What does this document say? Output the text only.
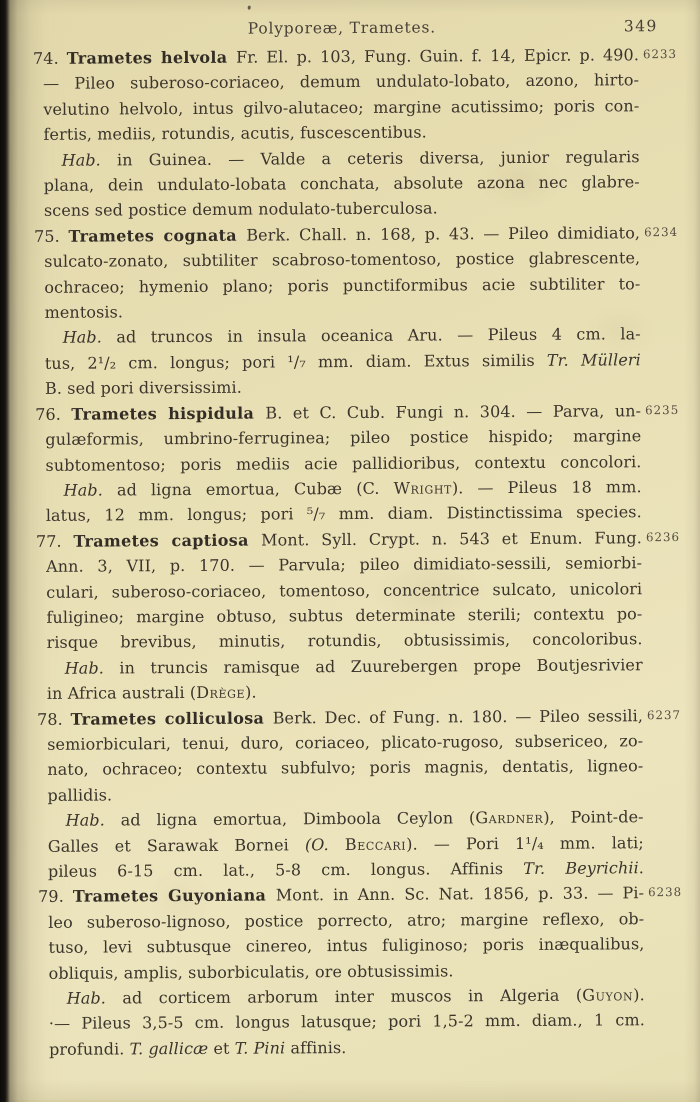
Polyporeæ, Trametes.	349
74. Trametes helvola Fr. El. p. 103, Fung. Guin. f. 14, Epicr. p. 490.
— Pileo suberoso-coriaceo, demum undulato-lobato, azono, hirto-
velutino helvolo, intus gilvo-alutaceo; margine acutissimo; poris con-
fertis, mediis, rotundis, acutis, fuscescentibus.
Hab. in Guinea. — Valde a ceteris diversa, junior regularis
plana, dein undulato-lobata conchata, absolute azona nec glabre-
scens sed postice demum nodulato-tuberculosa.
6233
75. Trametes cognata Berk. Chall. n. 168, p. 43. — Pileo dimidiato,
sulcato-zonato, subtiliter scabroso-tomentoso, postice glabrescente,
ochraceo; hymenio plano; poris punctiformibus acie subtiliter to-
mentosis.
Hab. ad truncos in insula oceanica Aru. — Pileus 4 cm. la-
tus, 2¹/₂ cm. longus; pori ¹/₇ mm. diam. Extus similis Tr. Mülleri
B. sed pori diversissimi.
6234
76. Trametes hispidula B. et C. Cub. Fungi n. 304. — Parva, un-
gulæformis, umbrino-ferruginea; pileo postice hispido; margine
subtomentoso; poris mediis acie pallidioribus, contextu concolori.
Hab. ad ligna emortua, Cubæ (C. Wright). — Pileus 18 mm.
latus, 12 mm. longus; pori ⁵/₇ mm. diam. Distinctissima species.
6235
77. Trametes captiosa Mont. Syll. Crypt. n. 543 et Enum. Fung.
Ann. 3, VII, p. 170. — Parvula; pileo dimidiato-sessili, semiorbi-
culari, suberoso-coriaceo, tomentoso, concentrice sulcato, unicolori
fuligineo; margine obtuso, subtus determinate sterili; contextu po-
risque brevibus, minutis, rotundis, obtusissimis, concoloribus.
Hab. in truncis ramisque ad Zuurebergen prope Boutjesrivier
in Africa australi (Drège).
6236
78. Trametes colliculosa Berk. Dec. of Fung. n. 180. — Pileo sessili,
semiorbiculari, tenui, duro, coriaceo, plicato-rugoso, subsericeo, zo-
nato, ochraceo; contextu subfulvo; poris magnis, dentatis, ligneo-
pallidis.
Hab. ad ligna emortua, Dimboola Ceylon (Gardner), Point-de-
Galles et Sarawak Bornei (O. Beccari). — Pori 1¹/₄ mm. lati;
pileus 6-15 cm. lat., 5-8 cm. longus. Affinis Tr. Beyrichii.
6237
79. Trametes Guyoniana Mont. in Ann. Sc. Nat. 1856, p. 33. — Pi-
leo suberoso-lignoso, postice porrecto, atro; margine reflexo, ob-
tuso, levi subtusque cinereo, intus fuliginoso; poris inæqualibus,
obliquis, amplis, suborbiculatis, ore obtusissimis.
Hab. ad corticem arborum inter muscos in Algeria (Guyon).
·— Pileus 3,5-5 cm. longus latusque; pori 1,5-2 mm. diam., 1 cm.
profundi. T. gallicæ et T. Pini affinis.
6238
